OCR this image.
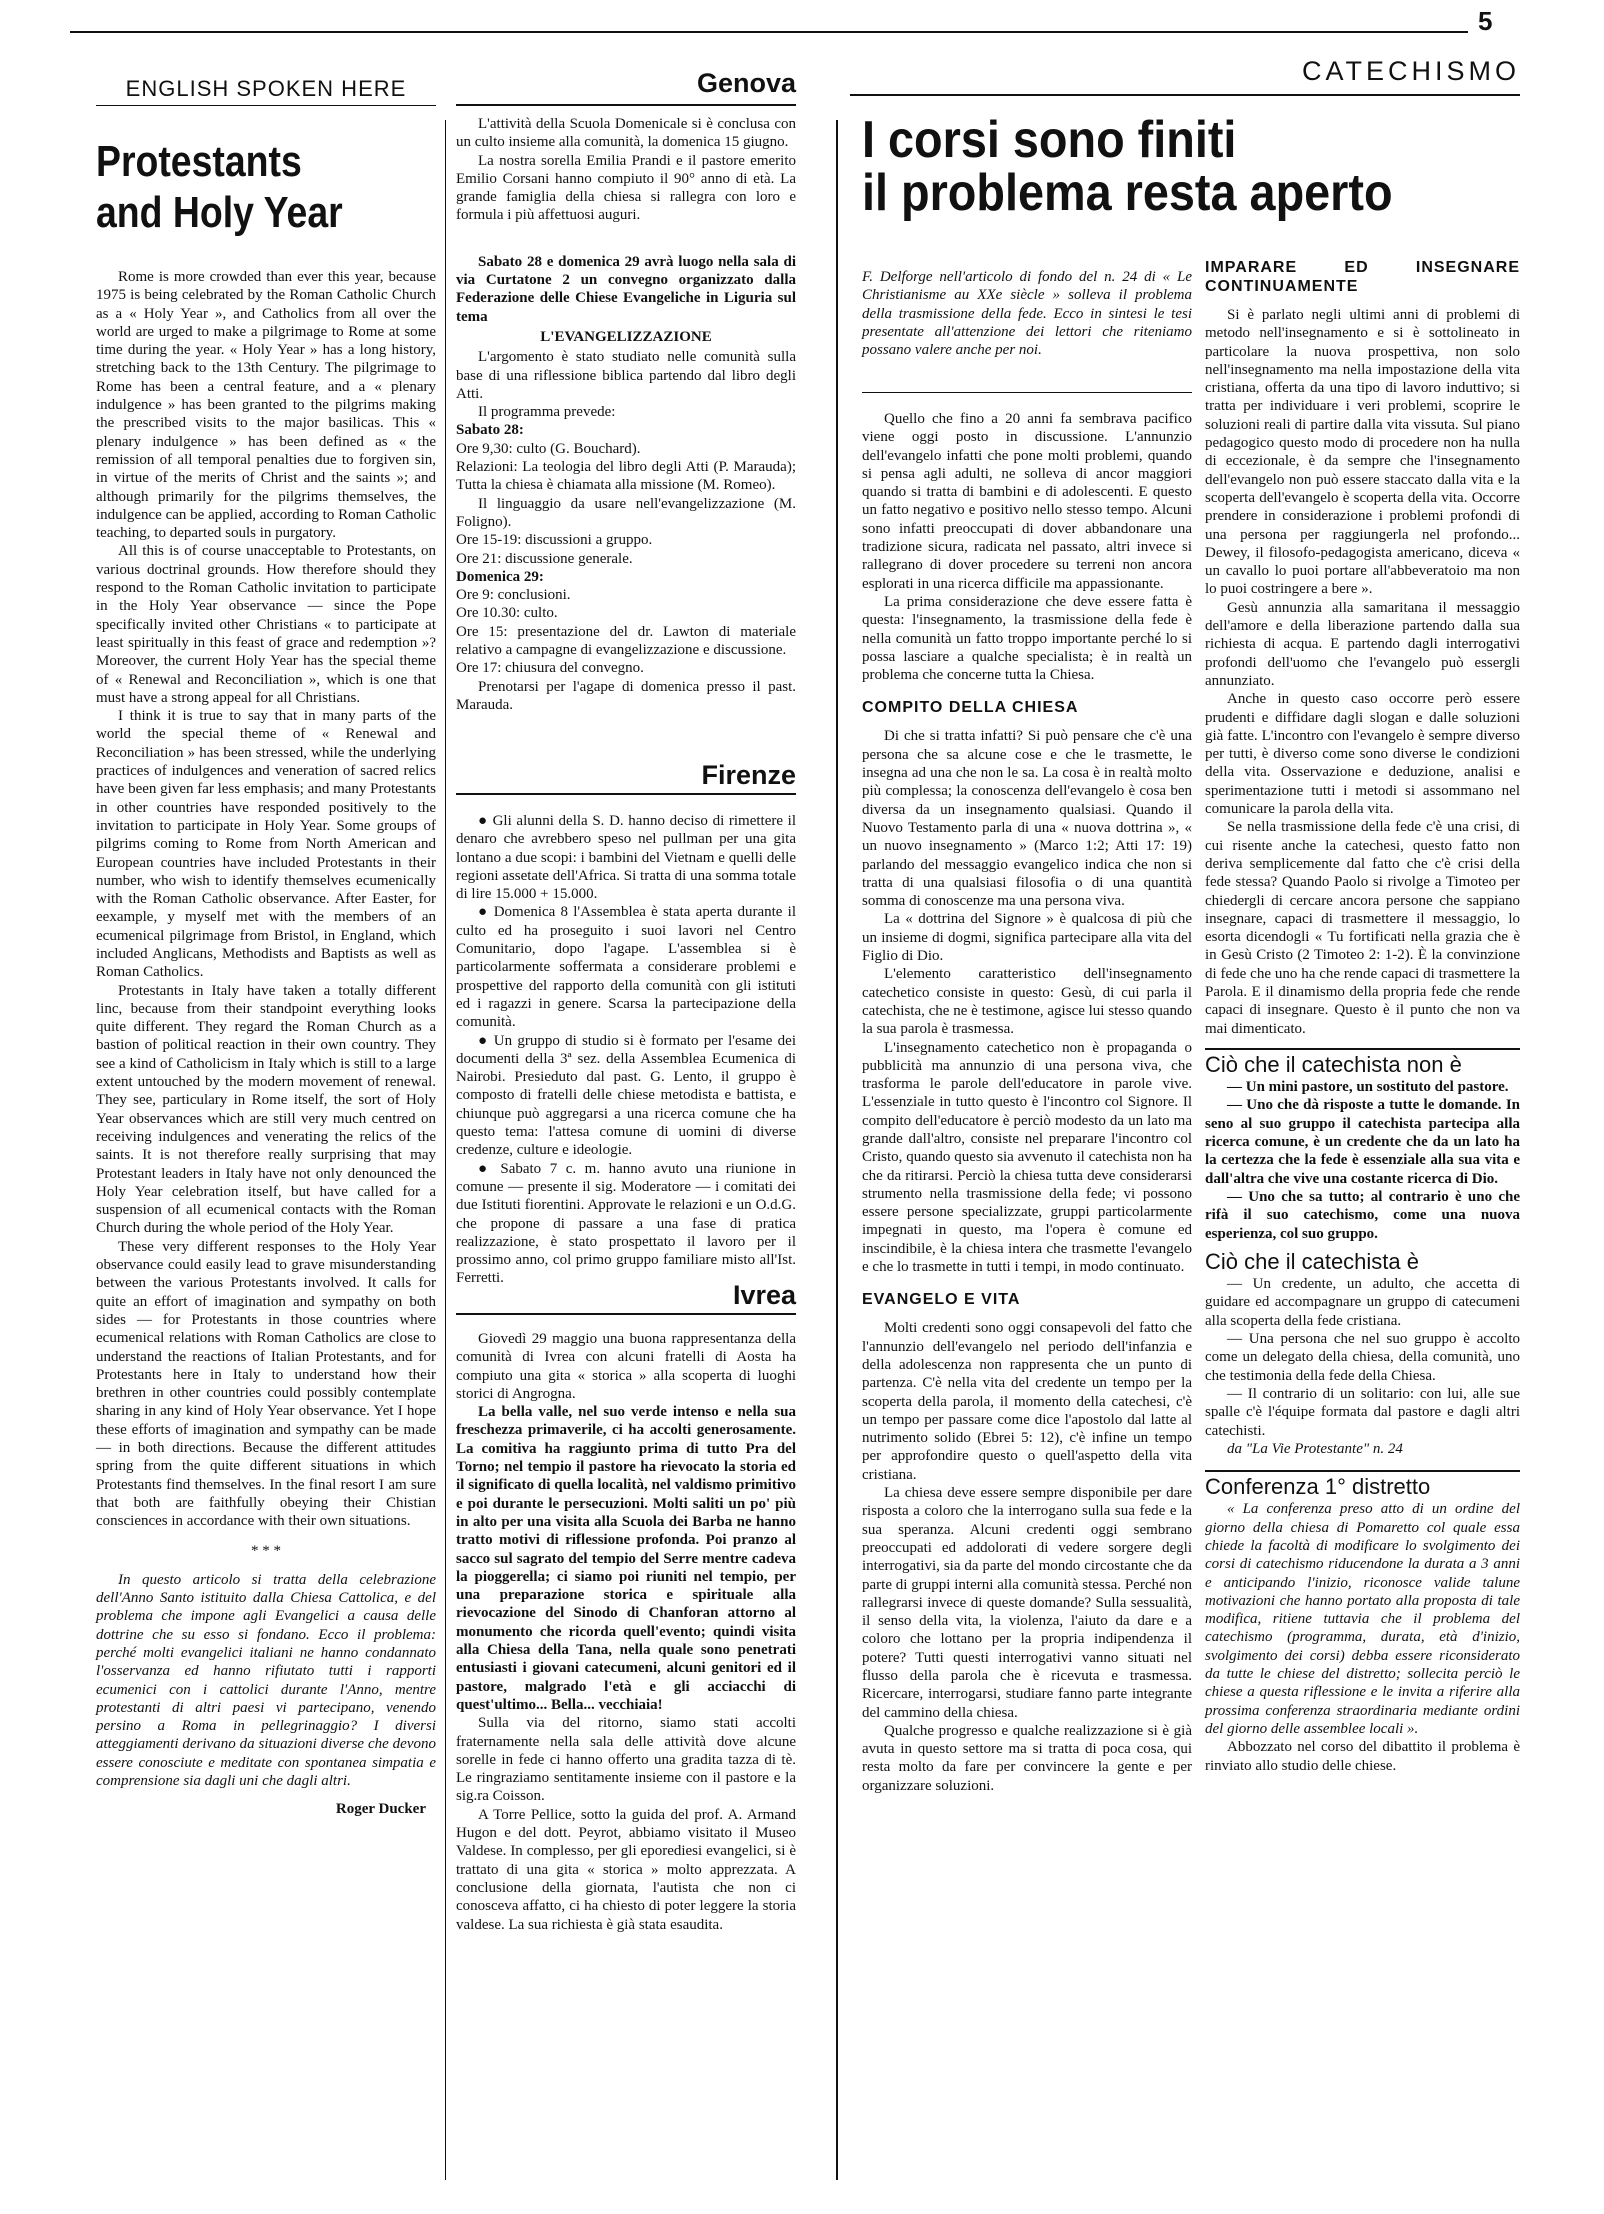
5
ENGLISH SPOKEN HERE
Protestants
and Holy Year

Rome is more crowded than ever this year, because 1975 is being celebrated by the Roman Catholic Church as a « Holy Year », and Catholics from all over the world are urged to make a pilgrimage to Rome at some time during the year. « Holy Year » has a long history, stretching back to the 13th Century. The pilgrimage to Rome has been a central feature, and a « plenary indulgence » has been granted to the pilgrims making the prescribed visits to the major basilicas. This « plenary indulgence » has been defined as « the remission of all temporal penalties due to forgiven sin, in virtue of the merits of Christ and the saints »; and although primarily for the pilgrims themselves, the indulgence can be applied, according to Roman Catholic teaching, to departed souls in purgatory.

All this is of course unacceptable to Protestants, on various doctrinal grounds. How therefore should they respond to the Roman Catholic invitation to participate in the Holy Year observance — since the Pope specifically invited other Christians « to participate at least spiritually in this feast of grace and redemption »? Moreover, the current Holy Year has the special theme of « Renewal and Reconciliation », which is one that must have a strong appeal for all Christians.

I think it is true to say that in many parts of the world the special theme of « Renewal and Reconciliation » has been stressed, while the underlying practices of indulgences and veneration of sacred relics have been given far less emphasis; and many Protestants in other countries have responded positively to the invitation to participate in Holy Year. Some groups of pilgrims coming to Rome from North American and European countries have included Protestants in their number, who wish to identify themselves ecumenically with the Roman Catholic observance. After Easter, for eexample, y myself met with the members of an ecumenical pilgrimage from Bristol, in England, which included Anglicans, Methodists and Baptists as well as Roman Catholics.

Protestants in Italy have taken a totally different linc, because from their standpoint everything looks quite different. They regard the Roman Church as a bastion of political reaction in their own country. They see a kind of Catholicism in Italy which is still to a large extent untouched by the modern movement of renewal. They see, particulary in Rome itself, the sort of Holy Year observances which are still very much centred on receiving indulgences and venerating the relics of the saints. It is not therefore really surprising that may Protestant leaders in Italy have not only denounced the Holy Year celebration itself, but have called for a suspension of all ecumenical contacts with the Roman Church during the whole period of the Holy Year.

These very different responses to the Holy Year observance could easily lead to grave misunderstanding between the various Protestants involved. It calls for quite an effort of imagination and sympathy on both sides — for Protestants in those countries where ecumenical relations with Roman Catholics are close to understand the reactions of Italian Protestants, and for Protestants here in Italy to understand how their brethren in other countries could possibly contemplate sharing in any kind of Holy Year observance. Yet I hope these efforts of imagination and sympathy can be made — in both directions. Because the different attitudes spring from the quite different situations in which Protestants find themselves. In the final resort I am sure that both are faithfully obeying their Chistian consciences in accordance with their own situations.

* * *

In questo articolo si tratta della celebrazione dell'Anno Santo istituito dalla Chiesa Cattolica, e del problema che impone agli Evangelici a causa delle dottrine che su esso si fondano. Ecco il problema: perché molti evangelici italiani ne hanno condannato l'osservanza ed hanno rifiutato tutti i rapporti ecumenici con i cattolici durante l'Anno, mentre protestanti di altri paesi vi partecipano, venendo persino a Roma in pellegrinaggio? I diversi atteggiamenti derivano da situazioni diverse che devono essere conosciute e meditate con spontanea simpatia e comprensione sia dagli uni che dagli altri.

Roger Ducker
Genova

L'attività della Scuola Domenicale si è conclusa con un culto insieme alla comunità, la domenica 15 giugno.

La nostra sorella Emilia Prandi e il pastore emerito Emilio Corsani hanno compiuto il 90° anno di età. La grande famiglia della chiesa si rallegra con loro e formula i più affettuosi auguri.

Sabato 28 e domenica 29 avrà luogo nella sala di via Curtatone 2 un convegno organizzato dalla Federazione delle Chiese Evangeliche in Liguria sul tema

L'EVANGELIZZAZIONE

L'argomento è stato studiato nelle comunità sulla base di una riflessione biblica partendo dal libro degli Atti.

Il programma prevede:

Sabato 28:
Ore 9,30: culto (G. Bouchard).
Relazioni: La teologia del libro degli Atti (P. Marauda); Tutta la chiesa è chiamata alla missione (M. Romeo).
Il linguaggio da usare nell'evangelizzazione (M. Foligno).
Ore 15-19: discussioni a gruppo.
Ore 21: discussione generale.
Domenica 29:
Ore 9: conclusioni.
Ore 10.30: culto.
Ore 15: presentazione del dr. Lawton di materiale relativo a campagne di evangelizzazione e discussione.
Ore 17: chiusura del convegno.
Prenotarsi per l'agape di domenica presso il past. Marauda.
Firenze

● Gli alunni della S. D. hanno deciso di rimettere il denaro che avrebbero speso nel pullman per una gita lontano a due scopi: i bambini del Vietnam e quelli delle regioni assetate dell'Africa. Si tratta di una somma totale di lire 15.000 + 15.000.

● Domenica 8 l'Assemblea è stata aperta durante il culto ed ha proseguito i suoi lavori nel Centro Comunitario, dopo l'agape. L'assemblea si è particolarmente soffermata a considerare problemi e prospettive del rapporto della comunità con gli istituti ed i ragazzi in genere. Scarsa la partecipazione della comunità.

● Un gruppo di studio si è formato per l'esame dei documenti della 3ª sez. della Assemblea Ecumenica di Nairobi. Presieduto dal past. G. Lento, il gruppo è composto di fratelli delle chiese metodista e battista, e chiunque può aggregarsi a una ricerca comune che ha questo tema: l'attesa comune di uomini di diverse credenze, culture e ideologie.

● Sabato 7 c. m. hanno avuto una riunione in comune — presente il sig. Moderatore — i comitati dei due Istituti fiorentini. Approvate le relazioni e un O.d.G. che propone di passare a una fase di pratica realizzazione, è stato prospettato il lavoro per il prossimo anno, col primo gruppo familiare misto all'Ist. Ferretti.

Ivrea

Giovedì 29 maggio una buona rappresentanza della comunità di Ivrea con alcuni fratelli di Aosta ha compiuto una gita « storica » alla scoperta di luoghi storici di Angrogna.

La bella valle, nel suo verde intenso e nella sua freschezza primaverile, ci ha accolti generosamente. La comitiva ha raggiunto prima di tutto Pra del Torno; nel tempio il pastore ha rievocato la storia ed il significato di quella località, nel valdismo primitivo e poi durante le persecuzioni. Molti saliti un po' più in alto per una visita alla Scuola dei Barba ne hanno tratto motivi di riflessione profonda. Poi pranzo al sacco sul sagrato del tempio del Serre mentre cadeva la pioggerella; ci siamo poi riuniti nel tempio, per una preparazione storica e spirituale alla rievocazione del Sinodo di Chanforan attorno al monumento che ricorda quell'evento; quindi visita alla Chiesa della Tana, nella quale sono penetrati entusiasti i giovani catecumeni, alcuni genitori ed il pastore, malgrado l'età e gli acciacchi di quest'ultimo... Bella... vecchiaia!

Sulla via del ritorno, siamo stati accolti fraternamente nella sala delle attività dove alcune sorelle in fede ci hanno offerto una gradita tazza di tè. Le ringraziamo sentitamente insieme con il pastore e la sig.ra Coisson.

A Torre Pellice, sotto la guida del prof. A. Armand Hugon e del dott. Peyrot, abbiamo visitato il Museo Valdese. In complesso, per gli eporediesi evangelici, si è trattato di una gita « storica » molto apprezzata. A conclusione della giornata, l'autista che non ci conosceva affatto, ci ha chiesto di poter leggere la storia valdese. La sua richiesta è già stata esaudita.

CATECHISMO
I corsi sono finiti
il problema resta aperto
F. Delforge nell'articolo di fondo del n. 24 di « Le Christianisme au XXe siècle » solleva il problema della trasmissione della fede. Ecco in sintesi le tesi presentate all'attenzione dei lettori che riteniamo possano valere anche per noi.

Quello che fino a 20 anni fa sembrava pacifico viene oggi posto in discussione. L'annunzio dell'evangelo infatti che pone molti problemi, quando si pensa agli adulti, ne solleva di ancor maggiori quando si tratta di bambini e di adolescenti. E questo un fatto negativo e positivo nello stesso tempo. Alcuni sono infatti preoccupati di dover abbandonare una tradizione sicura, radicata nel passato, altri invece si rallegrano di dover procedere su terreni non ancora esplorati in una ricerca difficile ma appassionante.

La prima considerazione che deve essere fatta è questa: l'insegnamento, la trasmissione della fede è nella comunità un fatto troppo importante perché lo si possa lasciare a qualche specialista; è in realtà un problema che concerne tutta la Chiesa.

COMPITO DELLA CHIESA

Di che si tratta infatti? Si può pensare che c'è una persona che sa alcune cose e che le trasmette, le insegna ad una che non le sa. La cosa è in realtà molto più complessa; la conoscenza dell'evangelo è cosa ben diversa da un insegnamento qualsiasi. Quando il Nuovo Testamento parla di una « nuova dottrina », « un nuovo insegnamento » (Marco 1:2; Atti 17: 19) parlando del messaggio evangelico indica che non si tratta di una qualsiasi filosofia o di una quantità somma di conoscenze ma una persona viva.

La « dottrina del Signore » è qualcosa di più che un insieme di dogmi, significa partecipare alla vita del Figlio di Dio.

L'elemento caratteristico dell'insegnamento catechetico consiste in questo: Gesù, di cui parla il catechista, che ne è testimone, agisce lui stesso quando la sua parola è trasmessa.

L'insegnamento catechetico non è propaganda o pubblicità ma annunzio di una persona viva, che trasforma le parole dell'educatore in parole vive. L'essenziale in tutto questo è l'incontro col Signore. Il compito dell'educatore è perciò modesto da un lato ma grande dall'altro, consiste nel preparare l'incontro col Cristo, quando questo sia avvenuto il catechista non ha che da ritirarsi. Perciò la chiesa tutta deve considerarsi strumento nella trasmissione della fede; vi possono essere persone specializzate, gruppi particolarmente impegnati in questo, ma l'opera è comune ed inscindibile, è la chiesa intera che trasmette l'evangelo e che lo trasmette in tutti i tempi, in modo continuato.

EVANGELO E VITA

Molti credenti sono oggi consapevoli del fatto che l'annunzio dell'evangelo nel periodo dell'infanzia e della adolescenza non rappresenta che un punto di partenza. C'è nella vita del credente un tempo per la scoperta della parola, il momento della catechesi, c'è un tempo per passare come dice l'apostolo dal latte al nutrimento solido (Ebrei 5: 12), c'è infine un tempo per approfondire questo o quell'aspetto della vita cristiana.

La chiesa deve essere sempre disponibile per dare risposta a coloro che la interrogano sulla sua fede e la sua speranza. Alcuni credenti oggi sembrano preoccupati ed addolorati di vedere sorgere degli interrogativi, sia da parte del mondo circostante che da parte di gruppi interni alla comunità stessa. Perché non rallegrarsi invece di queste domande? Sulla sessualità, il senso della vita, la violenza, l'aiuto da dare e a coloro che lottano per la propria indipendenza il potere? Tutti questi interrogativi vanno situati nel flusso della parola che è ricevuta e trasmessa. Ricercare, interrogarsi, studiare fanno parte integrante del cammino della chiesa.

Qualche progresso e qualche realizzazione si è già avuta in questo settore ma si tratta di poca cosa, qui resta molto da fare per convincere la gente e per organizzare soluzioni.

IMPARARE ED INSEGNARE CONTINUAMENTE

Si è parlato negli ultimi anni di problemi di metodo nell'insegnamento e si è sottolineato in particolare la nuova prospettiva, non solo nell'insegnamento ma nella impostazione della vita cristiana, offerta da una tipo di lavoro induttivo; si tratta per individuare i veri problemi, scoprire le soluzioni reali di partire dalla vita vissuta. Sul piano pedagogico questo modo di procedere non ha nulla di eccezionale, è da sempre che l'insegnamento dell'evangelo non può essere staccato dalla vita e la scoperta dell'evangelo è scoperta della vita. Occorre prendere in considerazione i problemi profondi di una persona per raggiungerla nel profondo... Dewey, il filosofo-pedagogista americano, diceva « un cavallo lo puoi portare all'abbeveratoio ma non lo puoi costringere a bere ».

Gesù annunzia alla samaritana il messaggio dell'amore e della liberazione partendo dalla sua richiesta di acqua. E partendo dagli interrogativi profondi dell'uomo che l'evangelo può essergli annunziato.

Anche in questo caso occorre però essere prudenti e diffidare dagli slogan e dalle soluzioni già fatte. L'incontro con l'evangelo è sempre diverso per tutti, è diverso come sono diverse le condizioni della vita. Osservazione e deduzione, analisi e sperimentazione tutti i metodi si assommano nel comunicare la parola della vita.

Se nella trasmissione della fede c'è una crisi, di cui risente anche la catechesi, questo fatto non deriva semplicemente dal fatto che c'è crisi della fede stessa? Quando Paolo si rivolge a Timoteo per chiedergli di cercare ancora persone che sappiano insegnare, capaci di trasmettere il messaggio, lo esorta dicendogli « Tu fortificati nella grazia che è in Gesù Cristo (2 Timoteo 2: 1-2). È la convinzione di fede che uno ha che rende capaci di trasmettere la Parola. E il dinamismo della propria fede che rende capaci di insegnare. Questo è il punto che non va mai dimenticato.

Ciò che il catechista non è

— Un mini pastore, un sostituto del pastore.

— Uno che dà risposte a tutte le domande. In seno al suo gruppo il catechista partecipa alla ricerca comune, è un credente che da un lato ha la certezza che la fede è essenziale alla sua vita e dall'altra che vive una costante ricerca di Dio.

— Uno che sa tutto; al contrario è uno che rifà il suo catechismo, come una nuova esperienza, col suo gruppo.

Ciò che il catechista è

— Un credente, un adulto, che accetta di guidare ed accompagnare un gruppo di catecumeni alla scoperta della fede cristiana.

— Una persona che nel suo gruppo è accolto come un delegato della chiesa, della comunità, uno che testimonia della fede della Chiesa.

— Il contrario di un solitario: con lui, alle sue spalle c'è l'équipe formata dal pastore e dagli altri catechisti.

da "La Vie Protestante" n. 24

Conferenza 1° distretto

« La conferenza preso atto di un ordine del giorno della chiesa di Pomaretto col quale essa chiede la facoltà di modificare lo svolgimento dei corsi di catechismo riducendone la durata a 3 anni e anticipando l'inizio, riconosce valide talune motivazioni che hanno portato alla proposta di tale modifica, ritiene tuttavia che il problema del catechismo (programma, durata, età d'inizio, svolgimento dei corsi) debba essere riconsiderato da tutte le chiese del distretto; sollecita perciò le chiese a questa riflessione e le invita a riferire alla prossima conferenza straordinaria mediante ordini del giorno delle assemblee locali ».

Abbozzato nel corso del dibattito il problema è rinviato allo studio delle chiese.
